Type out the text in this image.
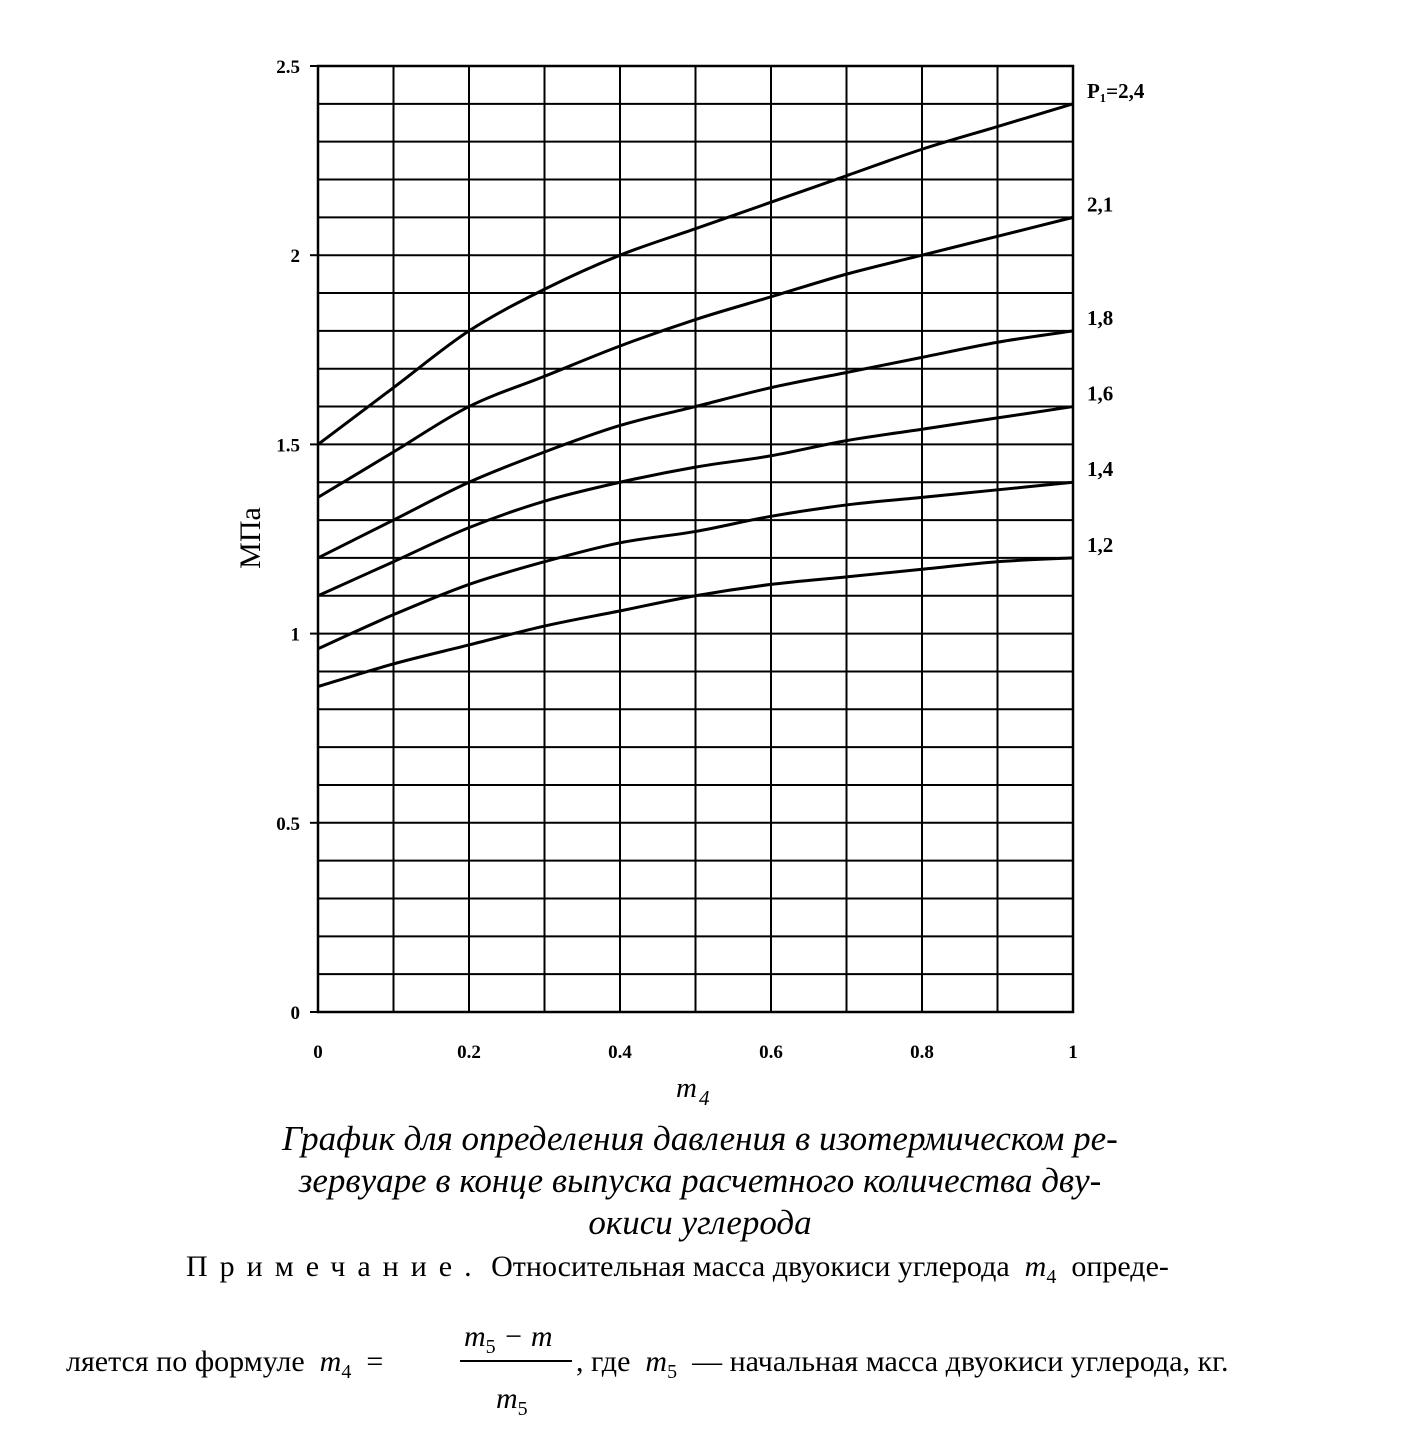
0	0.2	0.4	0.6	0.8	1
0
0.5
1
1.5
2
2.5
P₁=2,4
2,1
1,8
1,6
1,4
1,2
МПа
$m_4$
График для определения давления в изотермическом ре-
зервуаре в конце выпуска расчетного количества дву-
окиси углерода
Примечание. Относительная масса двуокиси углерода $m_4$ опреде-
ляется по формуле $m_4$ =
$m_5 - m$
$m_5$
, где $m_5$ — начальная масса двуокиси углерода, кг.
